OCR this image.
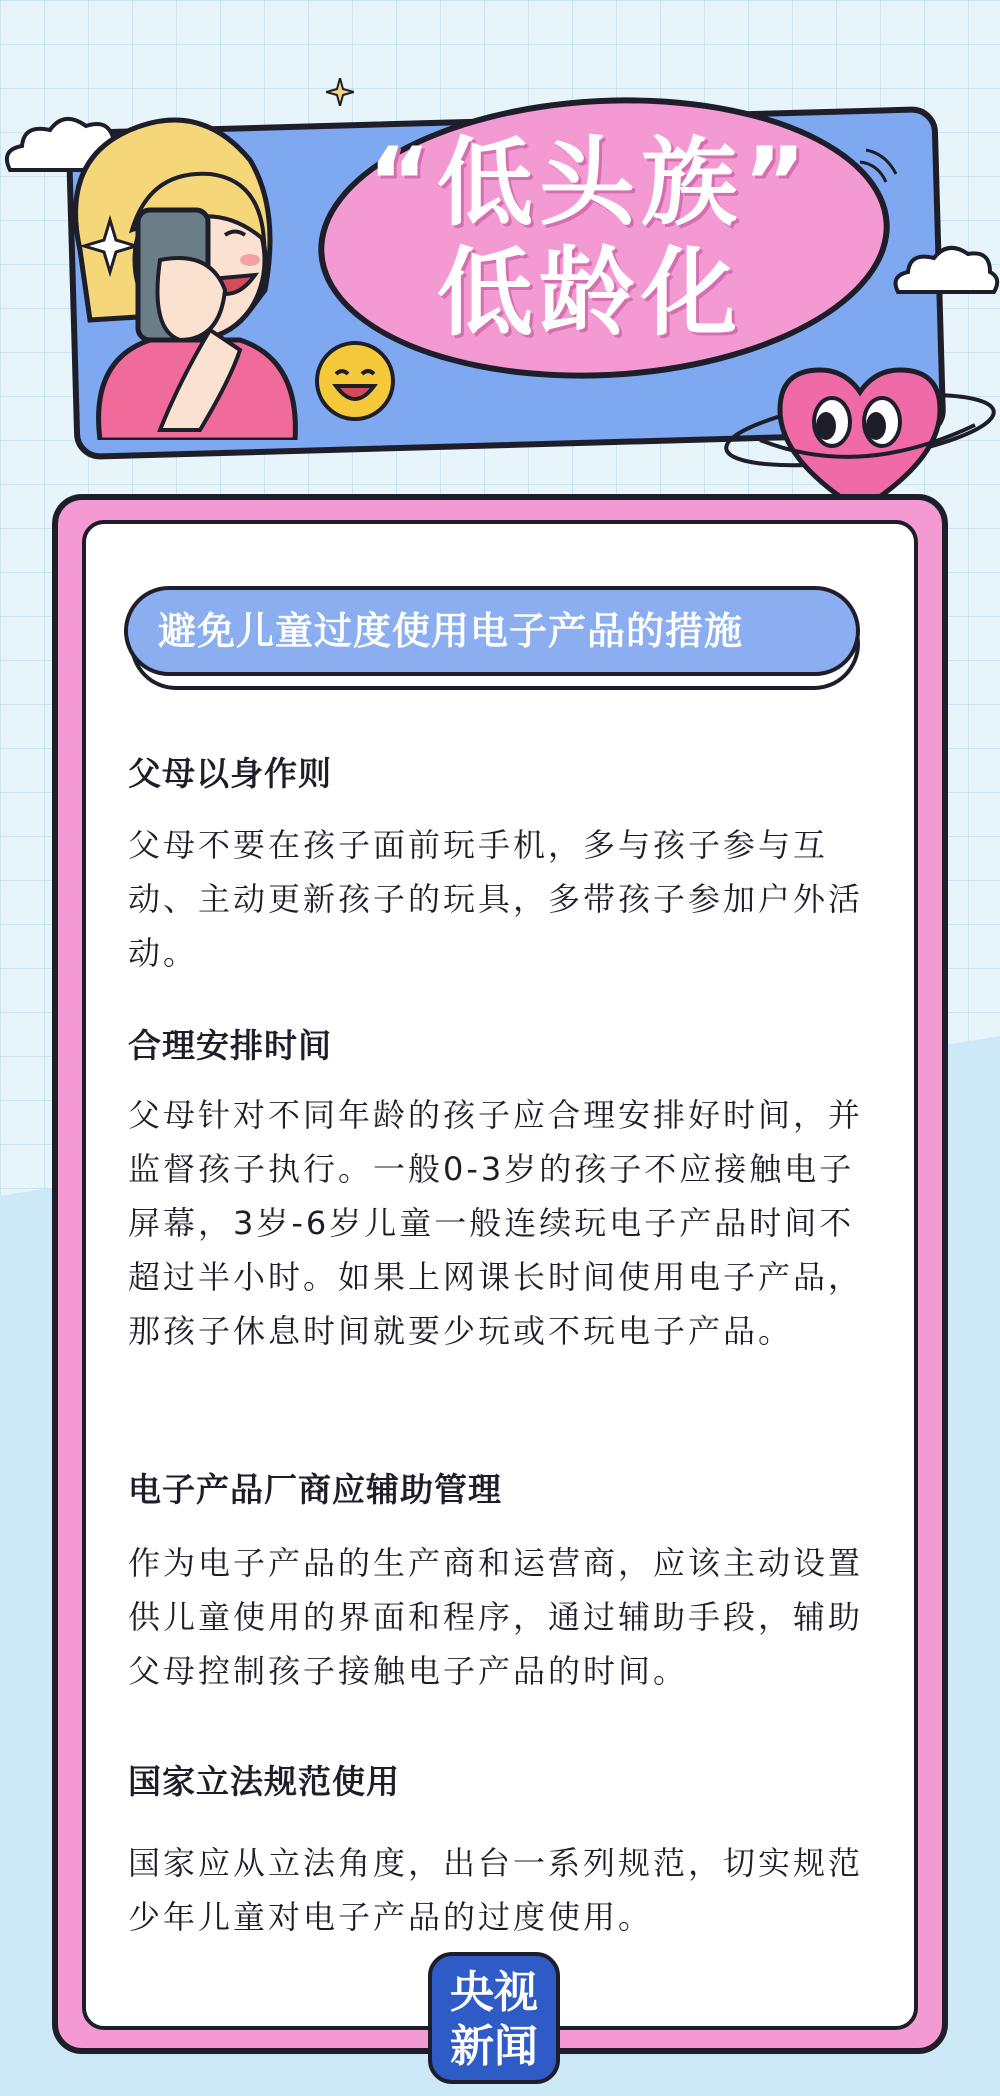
“低头族”
低龄化
避免儿童过度使用电子产品的措施
父母以身作则
父母不要在孩子面前玩手机，多与孩子参与互动、主动更新孩子的玩具，多带孩子参加户外活动。
合理安排时间
父母针对不同年龄的孩子应合理安排好时间，并监督孩子执行。一般0-3岁的孩子不应接触电子屏幕，3岁-6岁儿童一般连续玩电子产品时间不超过半小时。如果上网课长时间使用电子产品，那孩子休息时间就要少玩或不玩电子产品。
电子产品厂商应辅助管理
作为电子产品的生产商和运营商，应该主动设置供儿童使用的界面和程序，通过辅助手段，辅助父母控制孩子接触电子产品的时间。
国家立法规范使用
国家应从立法角度，出台一系列规范，切实规范少年儿童对电子产品的过度使用。
央视
新闻
